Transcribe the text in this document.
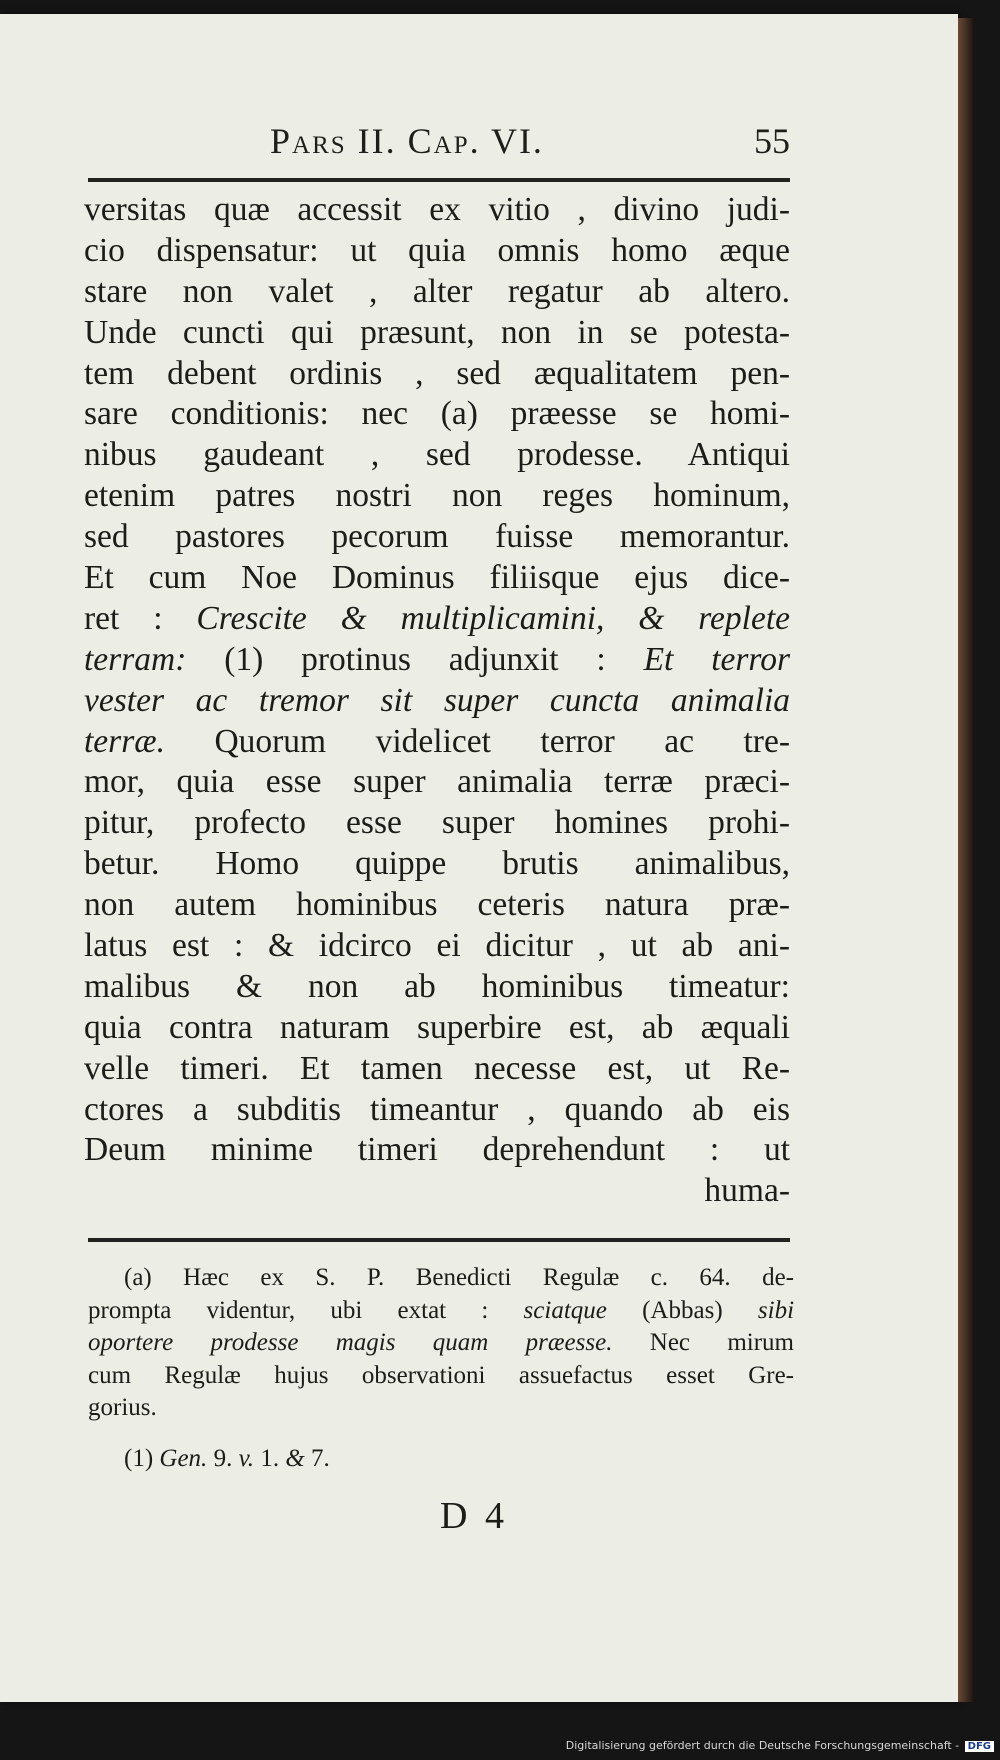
Pars II. Cap. VI.	55
versitas quæ accessit ex vitio , divino judi-
cio dispensatur: ut quia omnis homo æque
stare non valet , alter regatur ab altero.
Unde cuncti qui præsunt, non in se potesta-
tem debent ordinis , sed æqualitatem pen-
sare conditionis: nec (a) præesse se homi-
nibus gaudeant , sed prodesse. Antiqui
etenim patres nostri non reges hominum,
sed pastores pecorum fuisse memorantur.
Et cum Noe Dominus filiisque ejus dice-
ret : Crescite & multiplicamini, & replete
terram: (1) protinus adjunxit : Et terror
vester ac tremor sit super cuncta animalia
terræ. Quorum videlicet terror ac tre-
mor, quia esse super animalia terræ præci-
pitur, profecto esse super homines prohi-
betur. Homo quippe brutis animalibus,
non autem hominibus ceteris natura præ-
latus est : & idcirco ei dicitur , ut ab ani-
malibus & non ab hominibus timeatur:
quia contra naturam superbire est, ab æquali
velle timeri. Et tamen necesse est, ut Re-
ctores a subditis timeantur , quando ab eis
Deum minime timeri deprehendunt : ut
huma-
(a) Hæc ex S. P. Benedicti Regulæ c. 64. de-
prompta videntur, ubi extat : sciatque (Abbas) sibi
oportere prodesse magis quam præesse. Nec mirum
cum Regulæ hujus observationi assuefactus esset Gre-
gorius.
(1) Gen. 9. v. 1. & 7.
D 4
Digitalisierung gefördert durch die Deutsche Forschungsgemeinschaft - DFG
